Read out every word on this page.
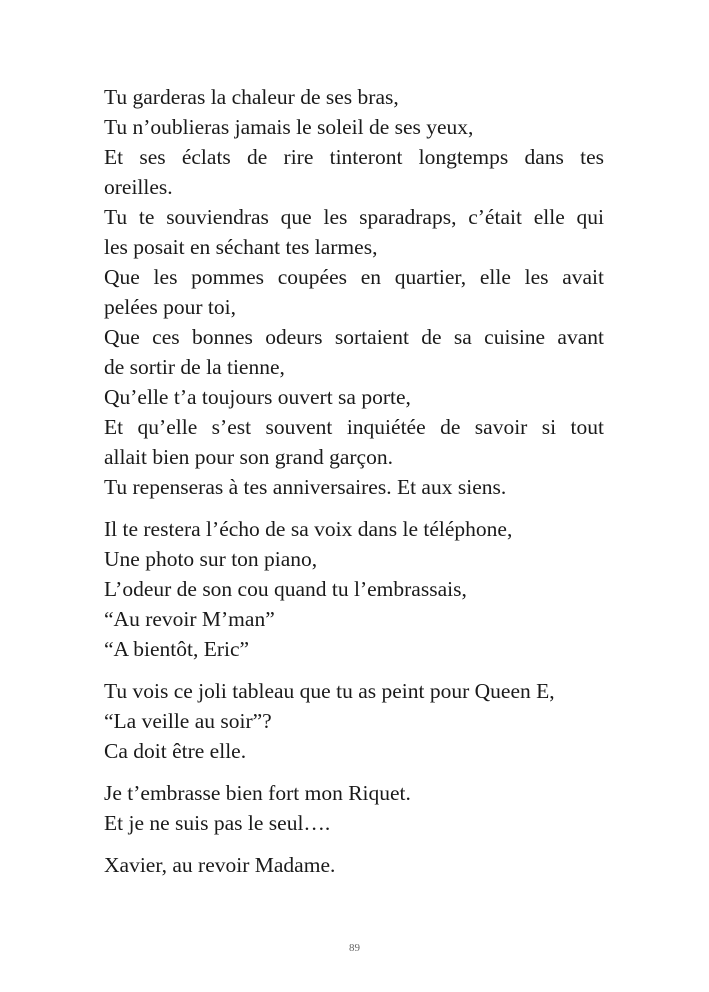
Tu garderas la chaleur de ses bras,
Tu n’oublieras jamais le soleil de ses yeux,
Et ses éclats de rire tinteront longtemps dans tes
oreilles.
Tu te souviendras que les sparadraps, c’était elle qui
les posait en séchant tes larmes,
Que les pommes coupées en quartier, elle les avait
pelées pour toi,
Que ces bonnes odeurs sortaient de sa cuisine avant
de sortir de la tienne,
Qu’elle t’a toujours ouvert sa porte,
Et qu’elle s’est souvent inquiétée de savoir si tout
allait bien pour son grand garçon.
Tu repenseras à tes anniversaires. Et aux siens.
Il te restera l’écho de sa voix dans le téléphone,
Une photo sur ton piano,
L’odeur de son cou quand tu l’embrassais,
“Au revoir M’man”
“A bientôt, Eric”
Tu vois ce joli tableau que tu as peint pour Queen E,
“La veille au soir”?
Ca doit être elle.
Je t’embrasse bien fort mon Riquet.
Et je ne suis pas le seul….
Xavier, au revoir Madame.
89
